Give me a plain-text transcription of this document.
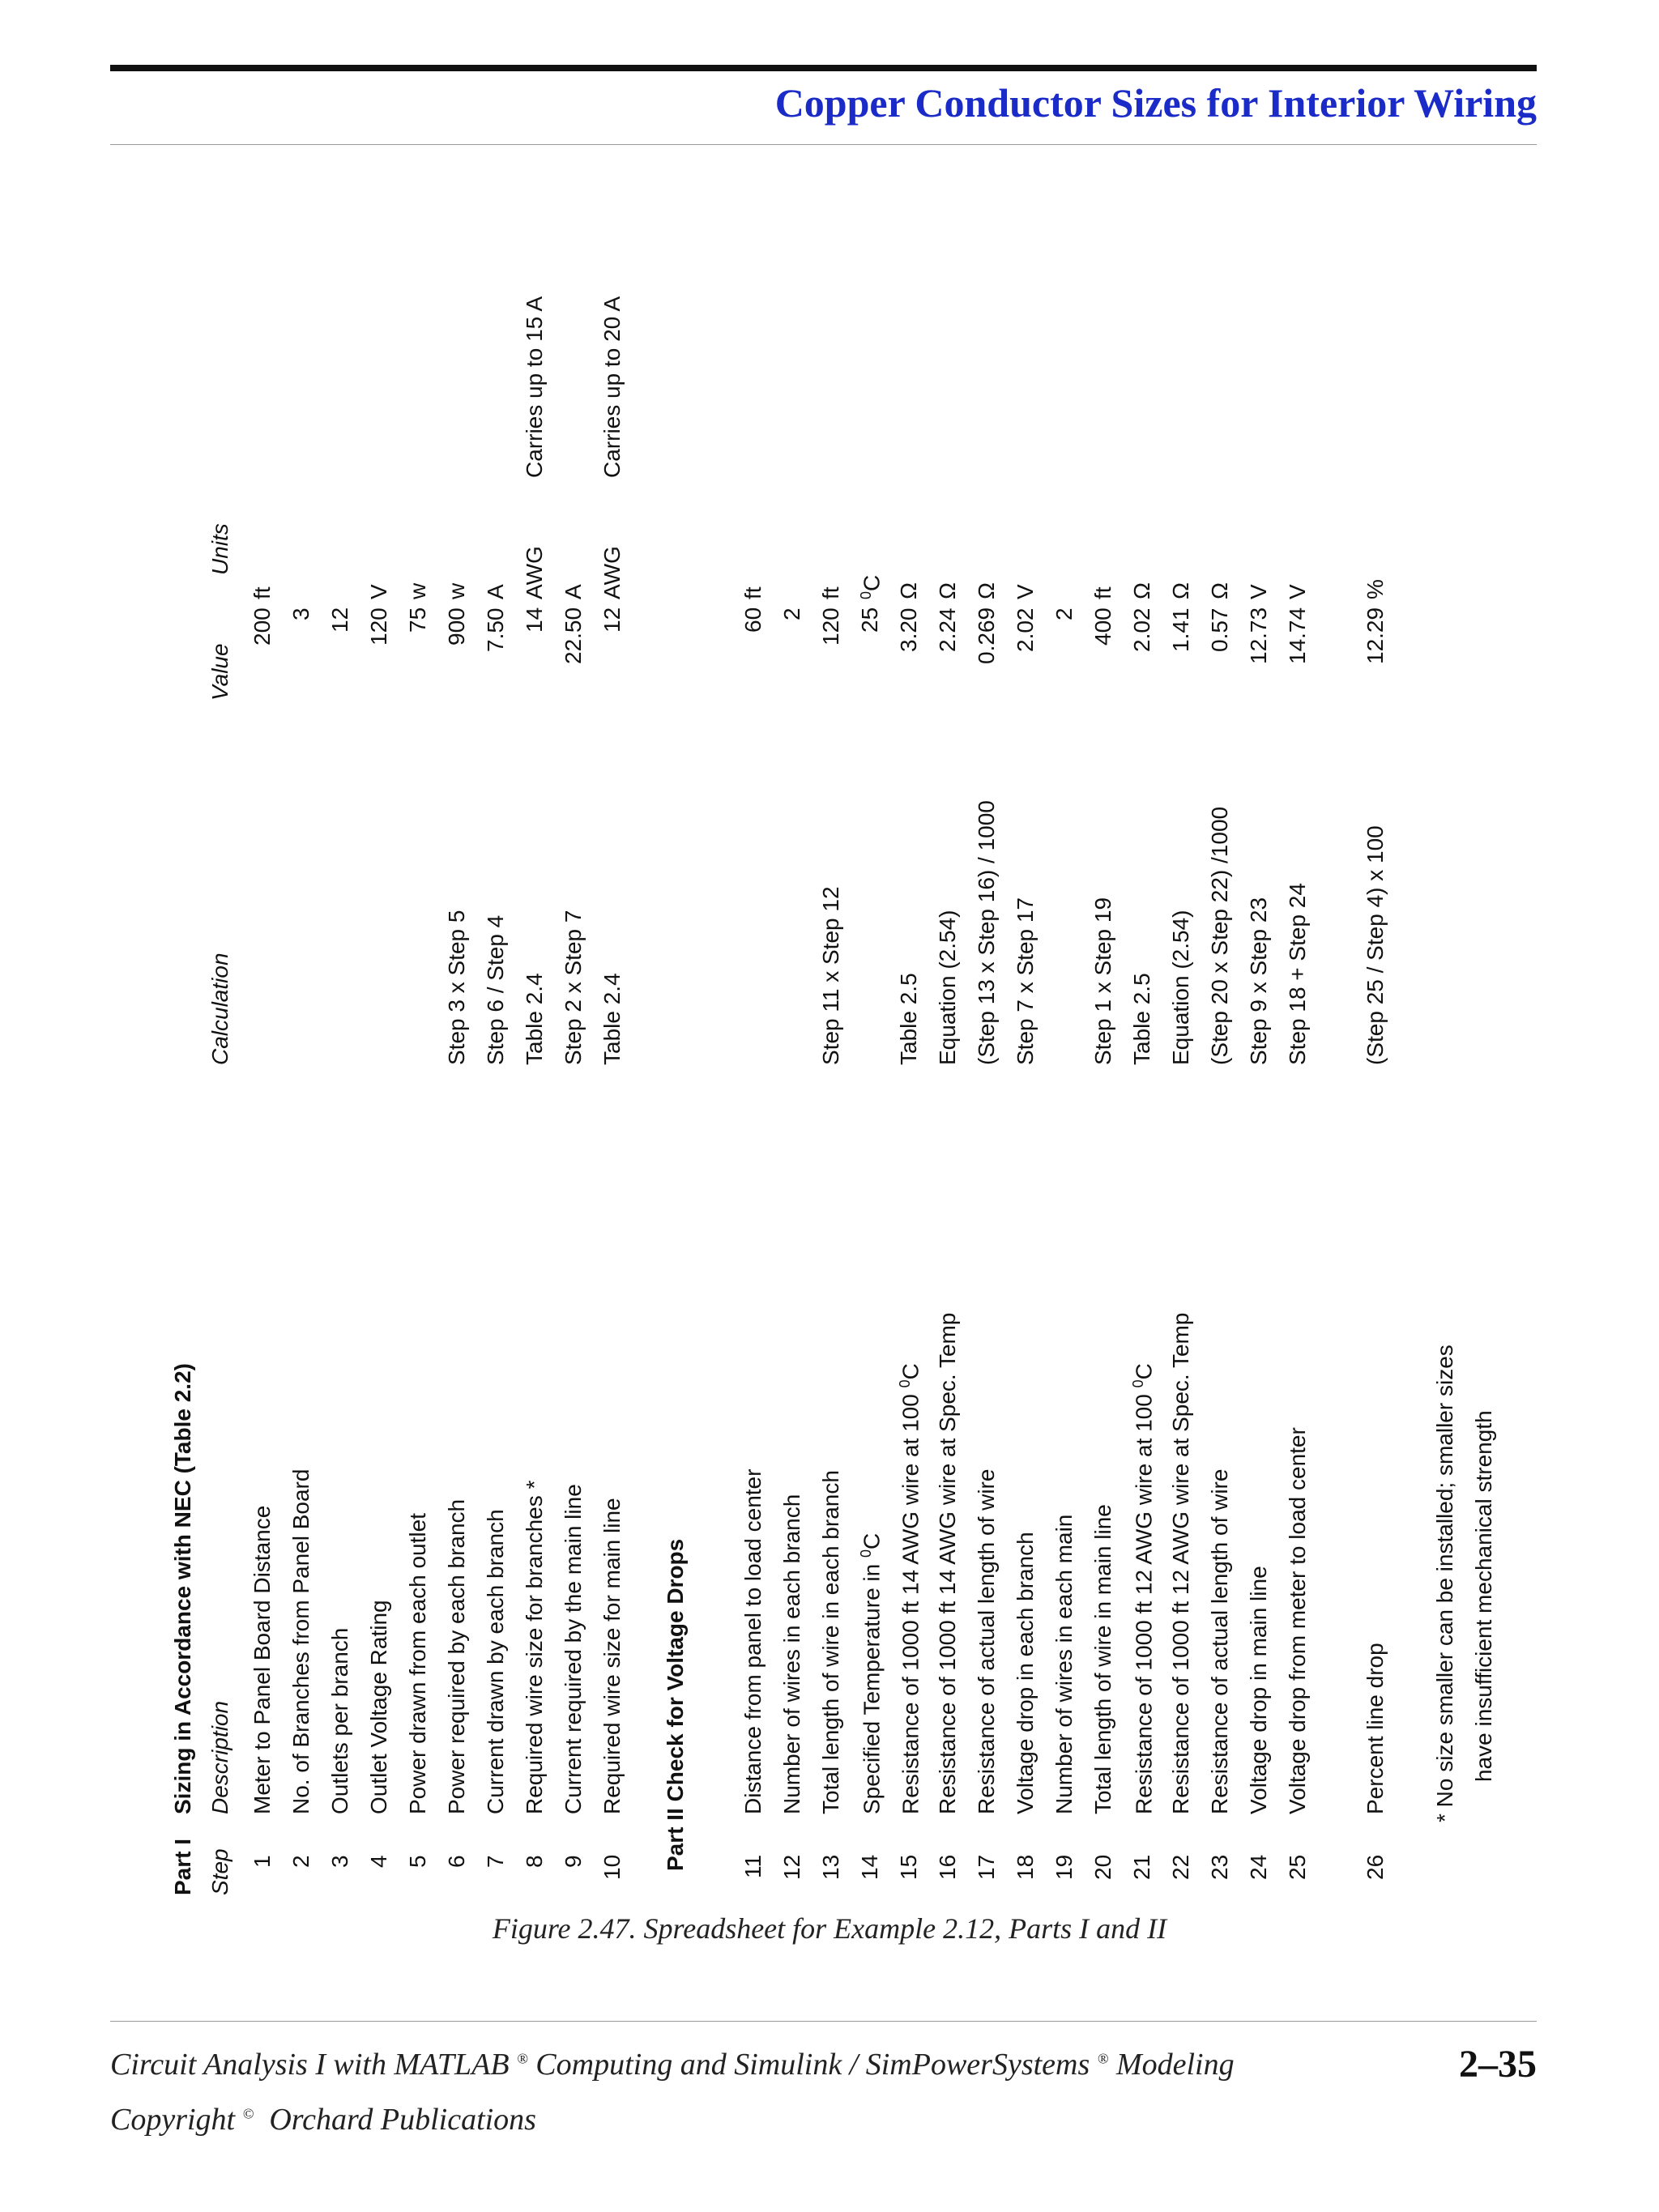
Copper Conductor Sizes for Interior Wiring
Part I
Sizing in Accordance with NEC (Table 2.2)
Step
Description
Calculation
Value
Units
1
Meter to Panel Board Distance
200
ft
2
No. of Branches from Panel Board
3
3
Outlets per branch
12
4
Outlet Voltage Rating
120
V
5
Power drawn from each outlet
75
w
6
Power required by each branch
Step 3 x Step 5
900
w
7
Current drawn by each branch
Step 6 / Step 4
7.50
A
8
Required wire size for branches *
Table 2.4
14
AWG
Carries up to 15 A
9
Current required by the main line
Step 2 x Step 7
22.50
A
10
Required wire size for main line
Table 2.4
12
AWG
Carries up to 20 A
Part II Check for Voltage Drops 11
Distance from panel to load center
60
ft
12
Number of wires in each branch
2
13
Total length of wire in each branch
Step 11 x Step 12
120
ft
14
Specified Temperature in $^0$C
25
$^0$C
15
Resistance of 1000 ft 14 AWG wire at 100 $^0$C
Table 2.5
3.20
Ω
16
Resistance of 1000 ft 14 AWG wire at Spec. Temp
Equation (2.54)
2.24
Ω
17
Resistance of actual length of wire
(Step 13 x Step 16) / 1000
0.269
Ω
18
Voltage drop in each branch
Step 7 x Step 17
2.02
V
19
Number of wires in each main
2
20
Total length of wire in main line
Step 1 x Step 19
400
ft
21
Resistance of 1000 ft 12 AWG wire at 100 $^0$C
Table 2.5
2.02
Ω
22
Resistance of 1000 ft 12 AWG wire at Spec. Temp
Equation (2.54)
1.41
Ω
23
Resistance of actual length of wire
(Step 20 x Step 22) /1000
0.57
Ω
24
Voltage drop in main line
Step 9 x Step 23
12.73
V
25
Voltage drop from meter to load center
Step 18 + Step 24
14.74
V
26
Percent line drop
(Step 25 / Step 4) x 100
12.29
%
* No size smaller can be installed; smaller sizes have insufficient mechanical strength

Figure 2.47. Spreadsheet for Example 2.12, Parts I and II

Circuit Analysis I with MATLAB ® Computing and Simulink / SimPowerSystems ® Modeling	2–35
Copyright © Orchard Publications
